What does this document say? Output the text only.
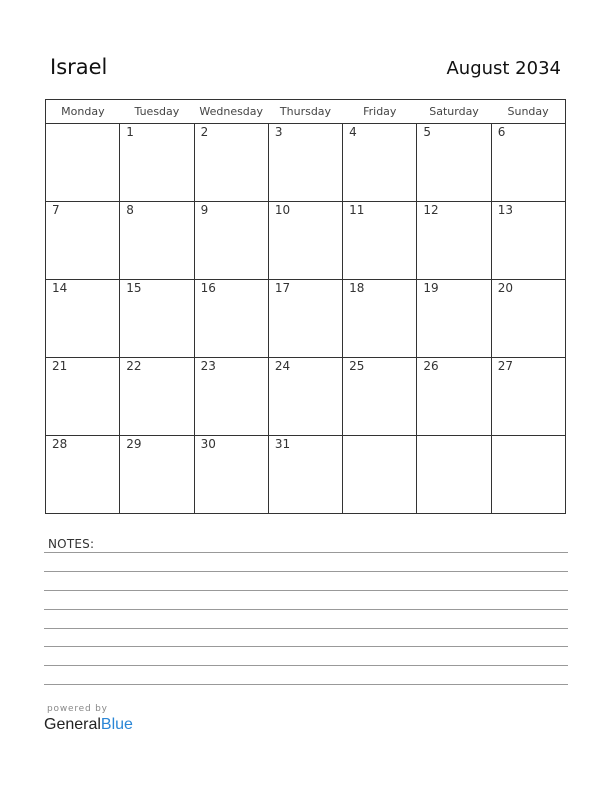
Israel	August 2034
Monday	Tuesday	Wednesday	Thursday	Friday	Saturday	Sunday

	1	2	3	4	5	6

7	8	9	10	11	12	13

14	15	16	17	18	19	20

21	22	23	24	25	26	27

28	29	30	31			

NOTES:
powered by
GeneralBlue
